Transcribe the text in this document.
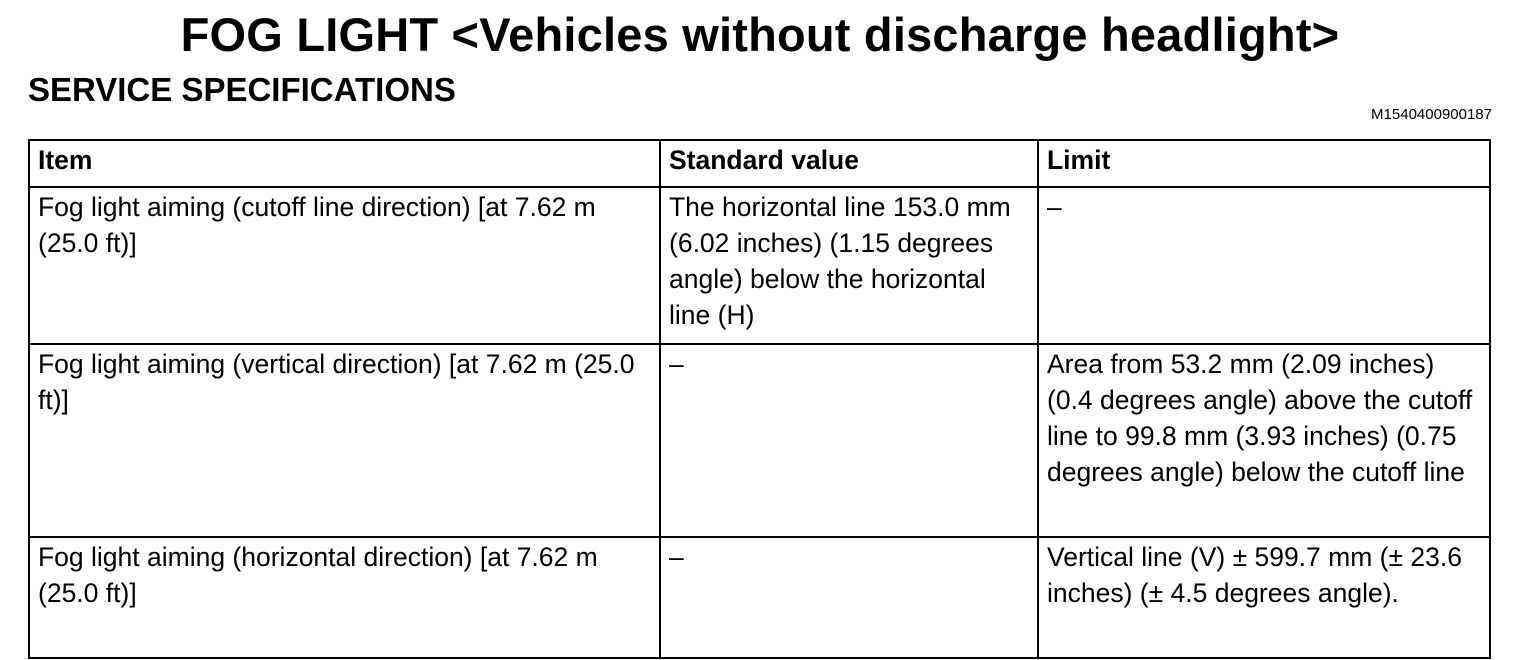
FOG LIGHT <Vehicles without discharge headlight>
SERVICE SPECIFICATIONS
M1540400900187
Item	Standard value	Limit
Fog light aiming (cutoff line direction) [at 7.62 m (25.0 ft)]	The horizontal line 153.0 mm (6.02 inches) (1.15 degrees angle) below the horizontal line (H)	–
Fog light aiming (vertical direction) [at 7.62 m (25.0 ft)]	–	Area from 53.2 mm (2.09 inches) (0.4 degrees angle) above the cutoff line to 99.8 mm (3.93 inches) (0.75 degrees angle) below the cutoff line
Fog light aiming (horizontal direction) [at 7.62 m (25.0 ft)]	–	Vertical line (V) ± 599.7 mm (± 23.6 inches) (± 4.5 degrees angle).
